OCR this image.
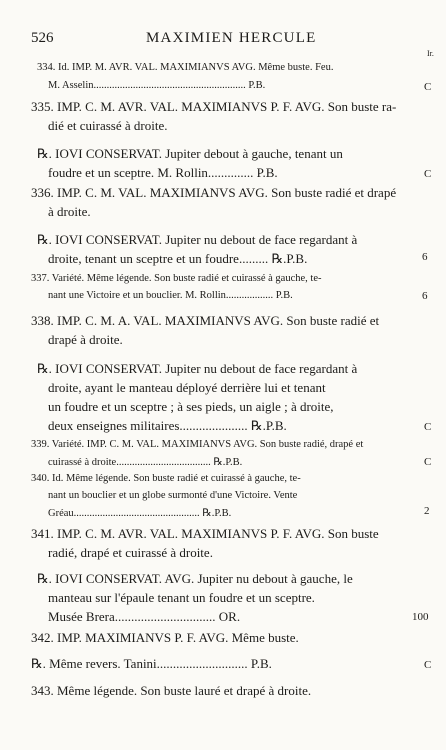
526	MAXIMIEN HERCULE
Ir.
334. Id. IMP. M. AVR. VAL. MAXIMIANVS AVG. Même buste. Feu.
M. Asselin.......................................................... P.B.	C
335. IMP. C. M. AVR. VAL. MAXIMIANVS P. F. AVG. Son buste ra-
dié et cuirassé à droite.
℞. IOVI CONSERVAT. Jupiter debout à gauche, tenant un
foudre et un sceptre. M. Rollin.............. P.B.	C
336. IMP. C. M. VAL. MAXIMIANVS AVG. Son buste radié et drapé
à droite.
℞. IOVI CONSERVAT. Jupiter nu debout de face regardant à
droite, tenant un sceptre et un foudre......... ℞.P.B.	6
337. Variété. Même légende. Son buste radié et cuirassé à gauche, te-
nant une Victoire et un bouclier. M. Rollin.................. P.B.	6
338. IMP. C. M. A. VAL. MAXIMIANVS AVG. Son buste radié et
drapé à droite.
℞. IOVI CONSERVAT. Jupiter nu debout de face regardant à
droite, ayant le manteau déployé derrière lui et tenant
un foudre et un sceptre ; à ses pieds, un aigle ; à droite,
deux enseignes militaires..................... ℞.P.B.	C
339. Variété. IMP. C. M. VAL. MAXIMIANVS AVG. Son buste radié, drapé et
cuirassé à droite.................................... ℞.P.B.	C
340. Id. Même légende. Son buste radié et cuirassé à gauche, te-
nant un bouclier et un globe surmonté d'une Victoire. Vente
Gréau................................................ ℞.P.B.	2
341. IMP. C. M. AVR. VAL. MAXIMIANVS P. F. AVG. Son buste
radié, drapé et cuirassé à droite.
℞. IOVI CONSERVAT. AVG. Jupiter nu debout à gauche, le
manteau sur l'épaule tenant un foudre et un sceptre.
Musée Brera............................... OR.	100
342. IMP. MAXIMIANVS P. F. AVG. Même buste.
℞. Même revers. Tanini............................ P.B.	C
343. Même légende. Son buste lauré et drapé à droite.
